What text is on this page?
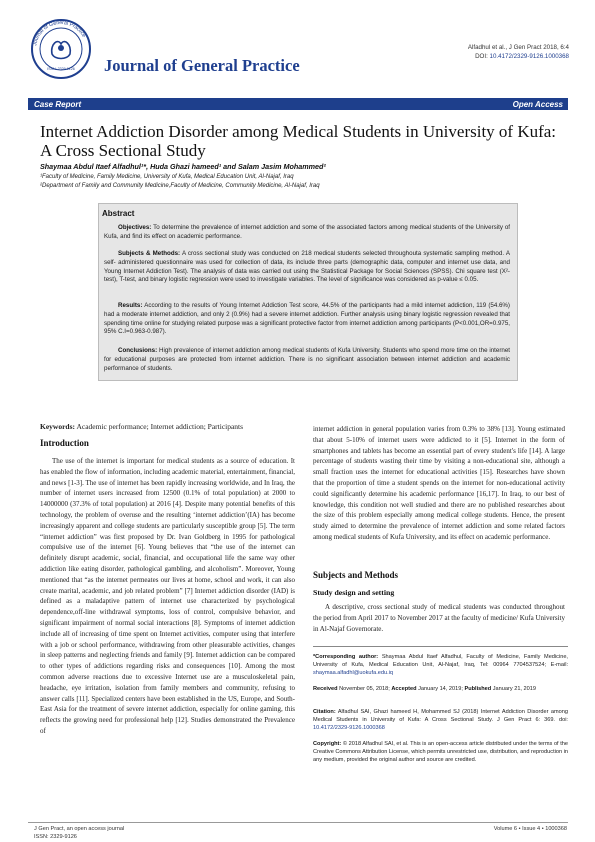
Journal of General Practice
ISSN: 2329-9126 Journal of General Practice
Alfadhul et al., J Gen Pract 2018, 6:4
DOI: 10.4172/2329-9126.1000368
Case Report	Open Access
Internet Addiction Disorder among Medical Students in University of Kufa: A Cross Sectional Study
Shaymaa Abdul Itaef Alfadhul¹*, Huda Ghazi hameed¹ and Salam Jasim Mohammed²
¹Faculty of Medicine, Family Medicine, University of Kufa, Medical Education Unit, Al-Najaf, Iraq
²Department of Family and Community Medicine,Faculty of Medicine, Community Medicine, Al-Najaf, Iraq
Abstract
Objectives: To determine the prevalence of internet addiction and some of the associated factors among medical students of the University of Kufa, and find its effect on academic performance.
Subjects & Methods: A cross sectional study was conducted on 218 medical students selected throughouta systematic sampling method. A self- administered questionnaire was used for collection of data, its include three parts (demographic data, computer and internet use data, and Young Internet Addiction Test). The analysis of data was carried out using the Statistical Package for Social Sciences (SPSS). Chi square test (X²-test), T-test, and binary logistic regression were used to investigate variables. The level of significance was considered as p-value ≤ 0.05.
Results: According to the results of Young Internet Addiction Test score, 44.5% of the participants had a mild internet addiction, 119 (54.6%) had a moderate internet addiction, and only 2 (0.9%) had a severe internet addiction. Further analysis using binary logistic regression revealed that spending time online for studying related purpose was a significant protective factor from internet addiction among participants (P<0.001,OR=0.975, 95% C.I=0.963-0.987).
Conclusions: High prevalence of internet addiction among medical students of Kufa University. Students who spend more time on the internet for educational purposes are protected from internet addiction. There is no significant association between internet addiction and academic performance of students.
Keywords: Academic performance; Internet addiction; Participants
Introduction

The use of the internet is important for medical students as a source of education. It has enabled the flow of information, including academic material, entertainment, financial, and news [1-3]. The use of internet has been rapidly increasing worldwide, and In Iraq, the number of internet users increased from 12500 (0.1% of total population) at 2000 to 14000000 (37.3% of total population) at 2016 [4]. Despite many potential benefits of this technology, the problem of overuse and the resulting ‘internet addiction’(IA) has become increasingly apparent and college students are particularly susceptible group [5]. The term “internet addiction” was first proposed by Dr. Ivan Goldberg in 1995 for pathological compulsive use of the internet [6]. Young believes that “the use of the internet can definitely disrupt academic, social, financial, and occupational life the same way other addiction like eating disorder, pathological gambling, and alcoholism”. Moreover, Young mentioned that “as the internet permeates our lives at home, school and work, it can also create marital, academic, and job related problem” [7] Internet addiction disorder (IAD) is defined as a maladaptive pattern of internet use characterized by psychological dependence,off-line withdrawal symptoms, loss of control, compulsive behavior, and significant impairment of normal social interactions [8]. Symptoms of internet addiction include all of increasing of time spent on Internet activities, computer using that interfere with a job or school performance, withdrawing from other pleasurable activities, changes in sleep patterns and neglecting friends and family [9]. Internet addiction can be compared to other types of addictions regarding risks and consequences [10]. Among the most common adverse reactions due to excessive Internet use are a musculoskeletal pain, headache, eye irritation, isolation from family members and community, refusing to answer calls [11]. Specialized centers have been established in the US, Europe, and South-East Asia for the treatment of severe internet addiction, especially for online gaming, this reflects the growing need for professional help [12]. Studies demonstrated the Prevalence of

internet addiction in general population varies from 0.3% to 38% [13]. Young estimated that about 5-10% of internet users were addicted to it [5]. Internet in the form of smartphones and tablets has become an essential part of every student's life [14]. A large percentage of students wasting their time by visiting a non-educational site, although a small fraction uses the internet for educational activities [15]. Researches have shown that the proportion of time a student spends on the internet for non-educational activity could significantly determine his academic performance [16,17]. In Iraq, to our best of knowledge, this condition not well studied and there are no published researches about the size of this problem especially among medical college students. Hence, the present study aimed to determine the prevalence of internet addiction and some related factors among medical students of Kufa University, and its effect on academic performance.

Subjects and Methods
Study design and setting

A descriptive, cross sectional study of medical students was conducted throughout the period from April 2017 to November 2017 at the faculty of medicine/ Kufa University in Al-Najaf Governorate.

*Corresponding author: Shaymaa Abdul Itaef Alfadhul, Faculty of Medicine, Family Medicine, University of Kufa, Medical Education Unit, Al-Najaf, Iraq, Tel: 00964 7704537524; E-mail: shaymaa.alfadhl@uokufa.edu.iq
Received November 05, 2018; Accepted January 14, 2019; Published January 21, 2019
Citation: Alfadhul SAI, Ghazi hameed H, Mohammed SJ (2018) Internet Addiction Disorder among Medical Students in University of Kufa: A Cross Sectional Study. J Gen Pract 6: 369. doi: 10.4172/2329-9126.1000368
Copyright: © 2018 Alfadhul SAI, et al. This is an open-access article distributed under the terms of the Creative Commons Attribution License, which permits unrestricted use, distribution, and reproduction in any medium, provided the original author and source are credited.
J Gen Pract, an open access journal
ISSN: 2329-9126
Volume 6 • Issue 4 • 1000368
